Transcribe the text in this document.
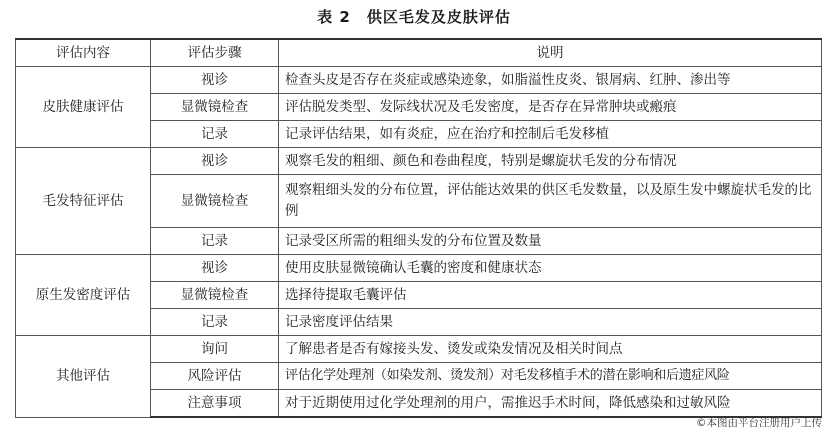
表 2 供区毛发及皮肤评估
评估内容	评估步骤	说明
皮肤健康评估	视诊	检查头皮是否存在炎症或感染迹象，如脂溢性皮炎、银屑病、红肿、渗出等
	显微镜检查	评估脱发类型、发际线状况及毛发密度，是否存在异常肿块或瘢痕
	记录	记录评估结果，如有炎症，应在治疗和控制后毛发移植
毛发特征评估	视诊	观察毛发的粗细、颜色和卷曲程度，特别是螺旋状毛发的分布情况
	显微镜检查	观察粗细头发的分布位置，评估能达效果的供区毛发数量，以及原生发中螺旋状毛发的比例
	记录	记录受区所需的粗细头发的分布位置及数量
原生发密度评估	视诊	使用皮肤显微镜确认毛囊的密度和健康状态
	显微镜检查	选择待提取毛囊评估
	记录	记录密度评估结果
其他评估	询问	了解患者是否有嫁接头发、烫发或染发情况及相关时间点
	风险评估	评估化学处理剂（如染发剂、烫发剂）对毛发移植手术的潜在影响和后遗症风险
	注意事项	对于近期使用过化学处理剂的用户，需推迟手术时间，降低感染和过敏风险
©本图由平台注册用户上传
